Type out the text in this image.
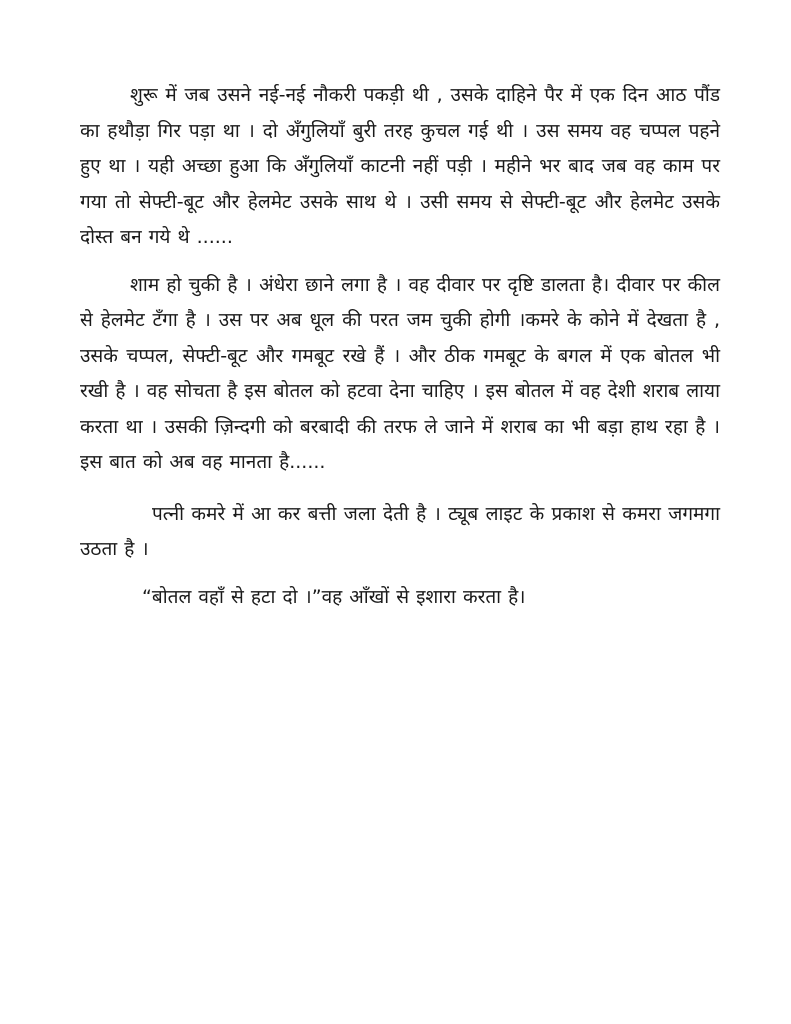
शुरू में जब उसने नई-नई नौकरी पकड़ी थी , उसके दाहिने पैर में एक दिन आठ पौंड का हथौड़ा गिर पड़ा था । दो अँगुलियाँ बुरी तरह कुचल गई थी । उस समय वह चप्पल पहने हुए था । यही अच्छा हुआ कि अँगुलियाँ काटनी नहीं पड़ी । महीने भर बाद जब वह काम पर गया तो सेफ्टी-बूट और हेलमेट उसके साथ थे । उसी समय से सेफ्टी-बूट और हेलमेट उसके दोस्त बन गये थे ......

शाम हो चुकी है । अंधेरा छाने लगा है । वह दीवार पर दृष्टि डालता है। दीवार पर कील से हेलमेट टँगा है । उस पर अब धूल की परत जम चुकी होगी ।कमरे के कोने में देखता है , उसके चप्पल, सेफ्टी-बूट और गमबूट रखे हैं । और ठीक गमबूट के बगल में एक बोतल भी रखी है । वह सोचता है इस बोतल को हटवा देना चाहिए । इस बोतल में वह देशी शराब लाया करता था । उसकी ज़िन्दगी को बरबादी की तरफ ले जाने में शराब का भी बड़ा हाथ रहा है । इस बात को अब वह मानता है......

पत्नी कमरे में आ कर बत्ती जला देती है । ट्यूब लाइट के प्रकाश से कमरा जगमगा उठता है ।

“बोतल वहाँ से हटा दो ।”वह आँखों से इशारा करता है।
